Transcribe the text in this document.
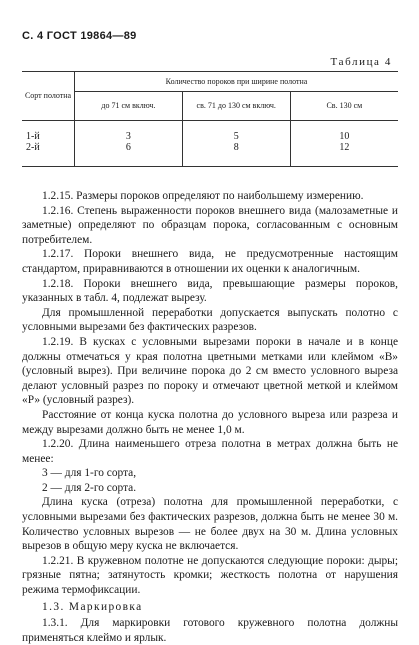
С. 4 ГОСТ 19864—89
Таблица 4
Сорт полотна	Количество пороков при ширине полотна		
	до 71 см включ.	св. 71 до 130 см включ.	Св. 130 см
1-й	3	5	10
2-й	6	8	12

1.2.15. Размеры пороков определяют по наибольшему измерению.

1.2.16. Степень выраженности пороков внешнего вида (малозаметные и заметные) определяют по образцам порока, согласованным с основным потребителем.

1.2.17. Пороки внешнего вида, не предусмотренные настоящим стандартом, приравниваются в отношении их оценки к аналогичным.

1.2.18. Пороки внешнего вида, превышающие размеры пороков, указанных в табл. 4, подлежат вырезу.

Для промышленной переработки допускается выпускать полотно с условными вырезами без фактических разрезов.

1.2.19. В кусках с условными вырезами пороки в начале и в конце должны отмечаться у края полотна цветными метками или клеймом «В» (условный вырез). При величине порока до 2 см вместо условного выреза делают условный разрез по пороку и отмечают цветной меткой и клеймом «Р» (условный разрез).

Расстояние от конца куска полотна до условного выреза или разреза и между вырезами должно быть не менее 1,0 м.

1.2.20. Длина наименьшего отреза полотна в метрах должна быть не менее:

3 — для 1-го сорта,

2 — для 2-го сорта.

Длина куска (отреза) полотна для промышленной переработки, с условными вырезами без фактических разрезов, должна быть не менее 30 м. Количество условных вырезов — не более двух на 30 м. Длина условных вырезов в общую меру куска не включается.

1.2.21. В кружевном полотне не допускаются следующие пороки: дыры; грязные пятна; затянутость кромки; жесткость полотна от нарушения режима термофиксации.

1.3. Маркировка

1.3.1. Для маркировки готового кружевного полотна должны применяться клеймо и ярлык.
